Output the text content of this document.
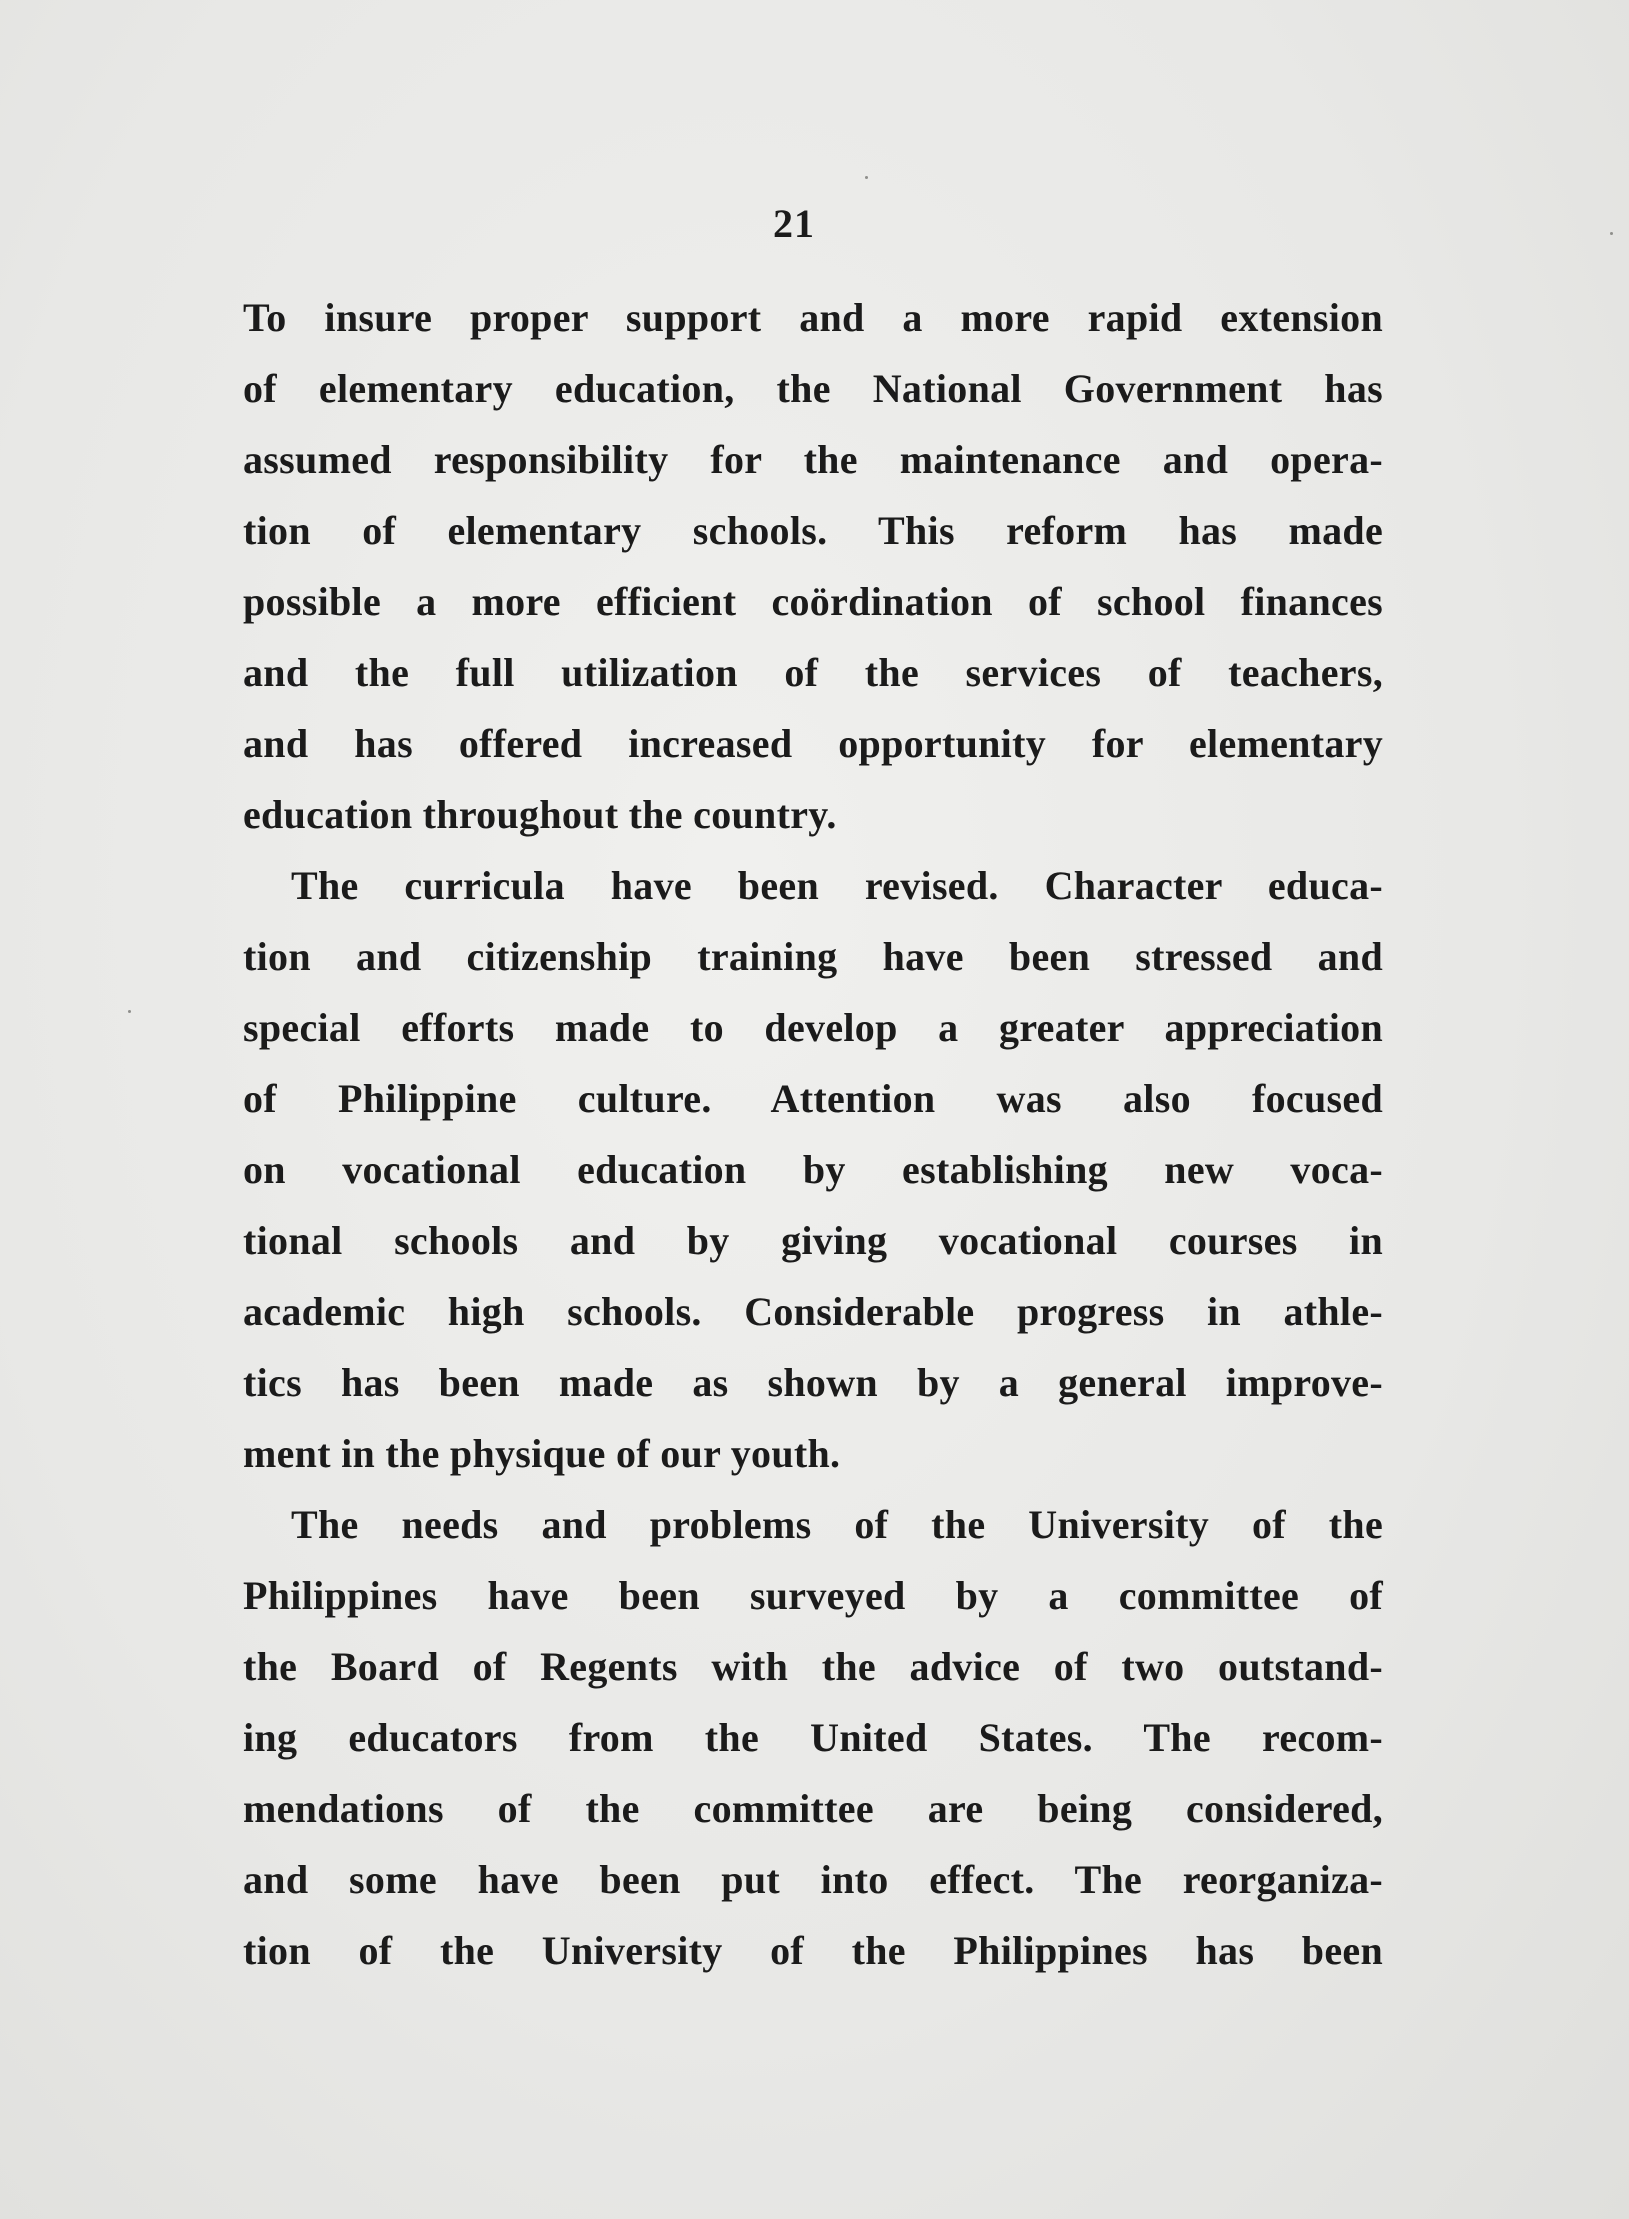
21
To insure proper support and a more rapid extension
of elementary education, the National Government has
assumed responsibility for the maintenance and opera-
tion of elementary schools. This reform has made
possible a more efficient coördination of school finances
and the full utilization of the services of teachers,
and has offered increased opportunity for elementary
education throughout the country.
The curricula have been revised. Character educa-
tion and citizenship training have been stressed and
special efforts made to develop a greater appreciation
of Philippine culture. Attention was also focused
on vocational education by establishing new voca-
tional schools and by giving vocational courses in
academic high schools. Considerable progress in athle-
tics has been made as shown by a general improve-
ment in the physique of our youth.
The needs and problems of the University of the
Philippines have been surveyed by a committee of
the Board of Regents with the advice of two outstand-
ing educators from the United States. The recom-
mendations of the committee are being considered,
and some have been put into effect. The reorganiza-
tion of the University of the Philippines has been
